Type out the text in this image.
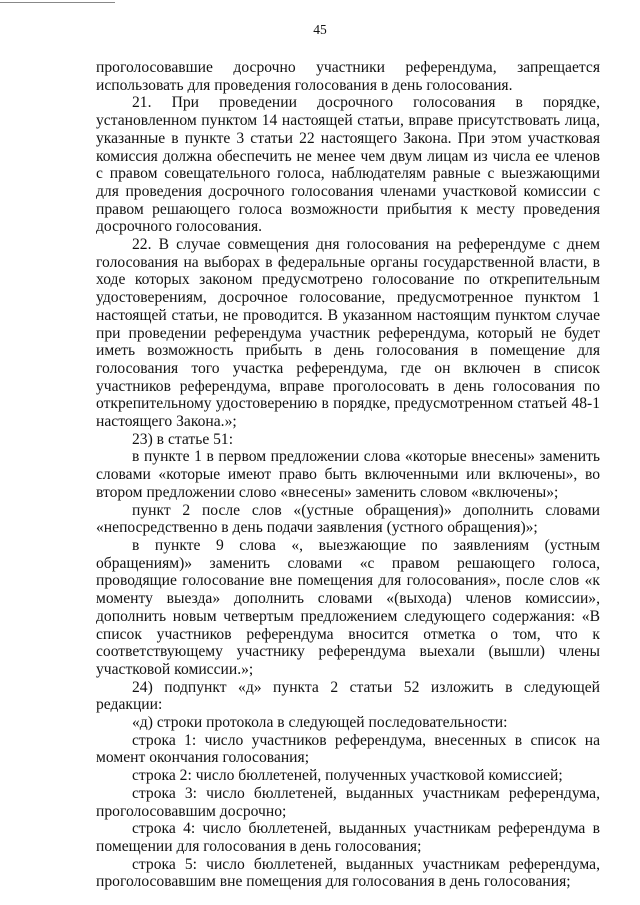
45

проголосовавшие досрочно участники референдума, запрещается использовать для проведения голосования в день голосования.

21. При проведении досрочного голосования в порядке, установленном пунктом 14 настоящей статьи, вправе присутствовать лица, указанные в пункте 3 статьи 22 настоящего Закона. При этом участковая комиссия должна обеспечить не менее чем двум лицам из числа ее членов с правом совещательного голоса, наблюдателям равные с выезжающими для проведения досрочного голосования членами участковой комиссии с правом решающего голоса возможности прибытия к месту проведения досрочного голосования.

22. В случае совмещения дня голосования на референдуме с днем голосования на выборах в федеральные органы государственной власти, в ходе которых законом предусмотрено голосование по открепительным удостоверениям, досрочное голосование, предусмотренное пунктом 1 настоящей статьи, не проводится. В указанном настоящим пунктом случае при проведении референдума участник референдума, который не будет иметь возможность прибыть в день голосования в помещение для голосования того участка референдума, где он включен в список участников референдума, вправе проголосовать в день голосования по открепительному удостоверению в порядке, предусмотренном статьей 48-1 настоящего Закона.»;

23) в статье 51:

в пункте 1 в первом предложении слова «которые внесены» заменить словами «которые имеют право быть включенными или включены», во втором предложении слово «внесены» заменить словом «включены»;

пункт 2 после слов «(устные обращения)» дополнить словами «непосредственно в день подачи заявления (устного обращения)»;

в пункте 9 слова «, выезжающие по заявлениям (устным обращениям)» заменить словами «с правом решающего голоса, проводящие голосование вне помещения для голосования», после слов «к моменту выезда» дополнить словами «(выхода) членов комиссии», дополнить новым четвертым предложением следующего содержания: «В список участников референдума вносится отметка о том, что к соответствующему участнику референдума выехали (вышли) члены участковой комиссии.»;

24) подпункт «д» пункта 2 статьи 52 изложить в следующей редакции:

«д) строки протокола в следующей последовательности:

строка 1: число участников референдума, внесенных в список на момент окончания голосования;

строка 2: число бюллетеней, полученных участковой комиссией;

строка 3: число бюллетеней, выданных участникам референдума, проголосовавшим досрочно;

строка 4: число бюллетеней, выданных участникам референдума в помещении для голосования в день голосования;

строка 5: число бюллетеней, выданных участникам референдума, проголосовавшим вне помещения для голосования в день голосования;
